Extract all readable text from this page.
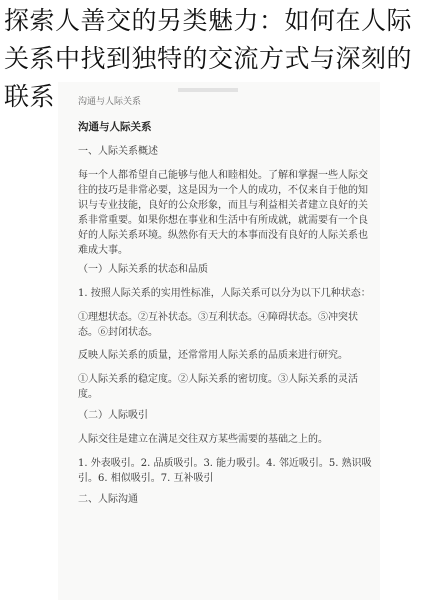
探索人善交的另类魅力：如何在人际关系中找到独特的交流方式与深刻的联系	沟通与人际关系
沟通与人际关系
一、人际关系概述
每一个人都希望自己能够与他人和睦相处。了解和掌握一些人际交往的技巧是非常必要，这是因为一个人的成功，不仅来自于他的知识与专业技能，良好的公众形象，而且与利益相关者建立良好的关系非常重要。如果你想在事业和生活中有所成就，就需要有一个良好的人际关系环境。纵然你有天大的本事而没有良好的人际关系也难成大事。
（一）人际关系的状态和品质
1. 按照人际关系的实用性标准，人际关系可以分为以下几种状态：
①理想状态。②互补状态。③互利状态。④障碍状态。⑤冲突状态。⑥封闭状态。
反映人际关系的质量，还常常用人际关系的品质来进行研究。
①人际关系的稳定度。②人际关系的密切度。③人际关系的灵活度。
（二）人际吸引
人际交往是建立在满足交往双方某些需要的基础之上的。
1. 外表吸引。2. 品质吸引。3. 能力吸引。4. 邻近吸引。5. 熟识吸引。6. 相似吸引。7. 互补吸引
二、人际沟通
